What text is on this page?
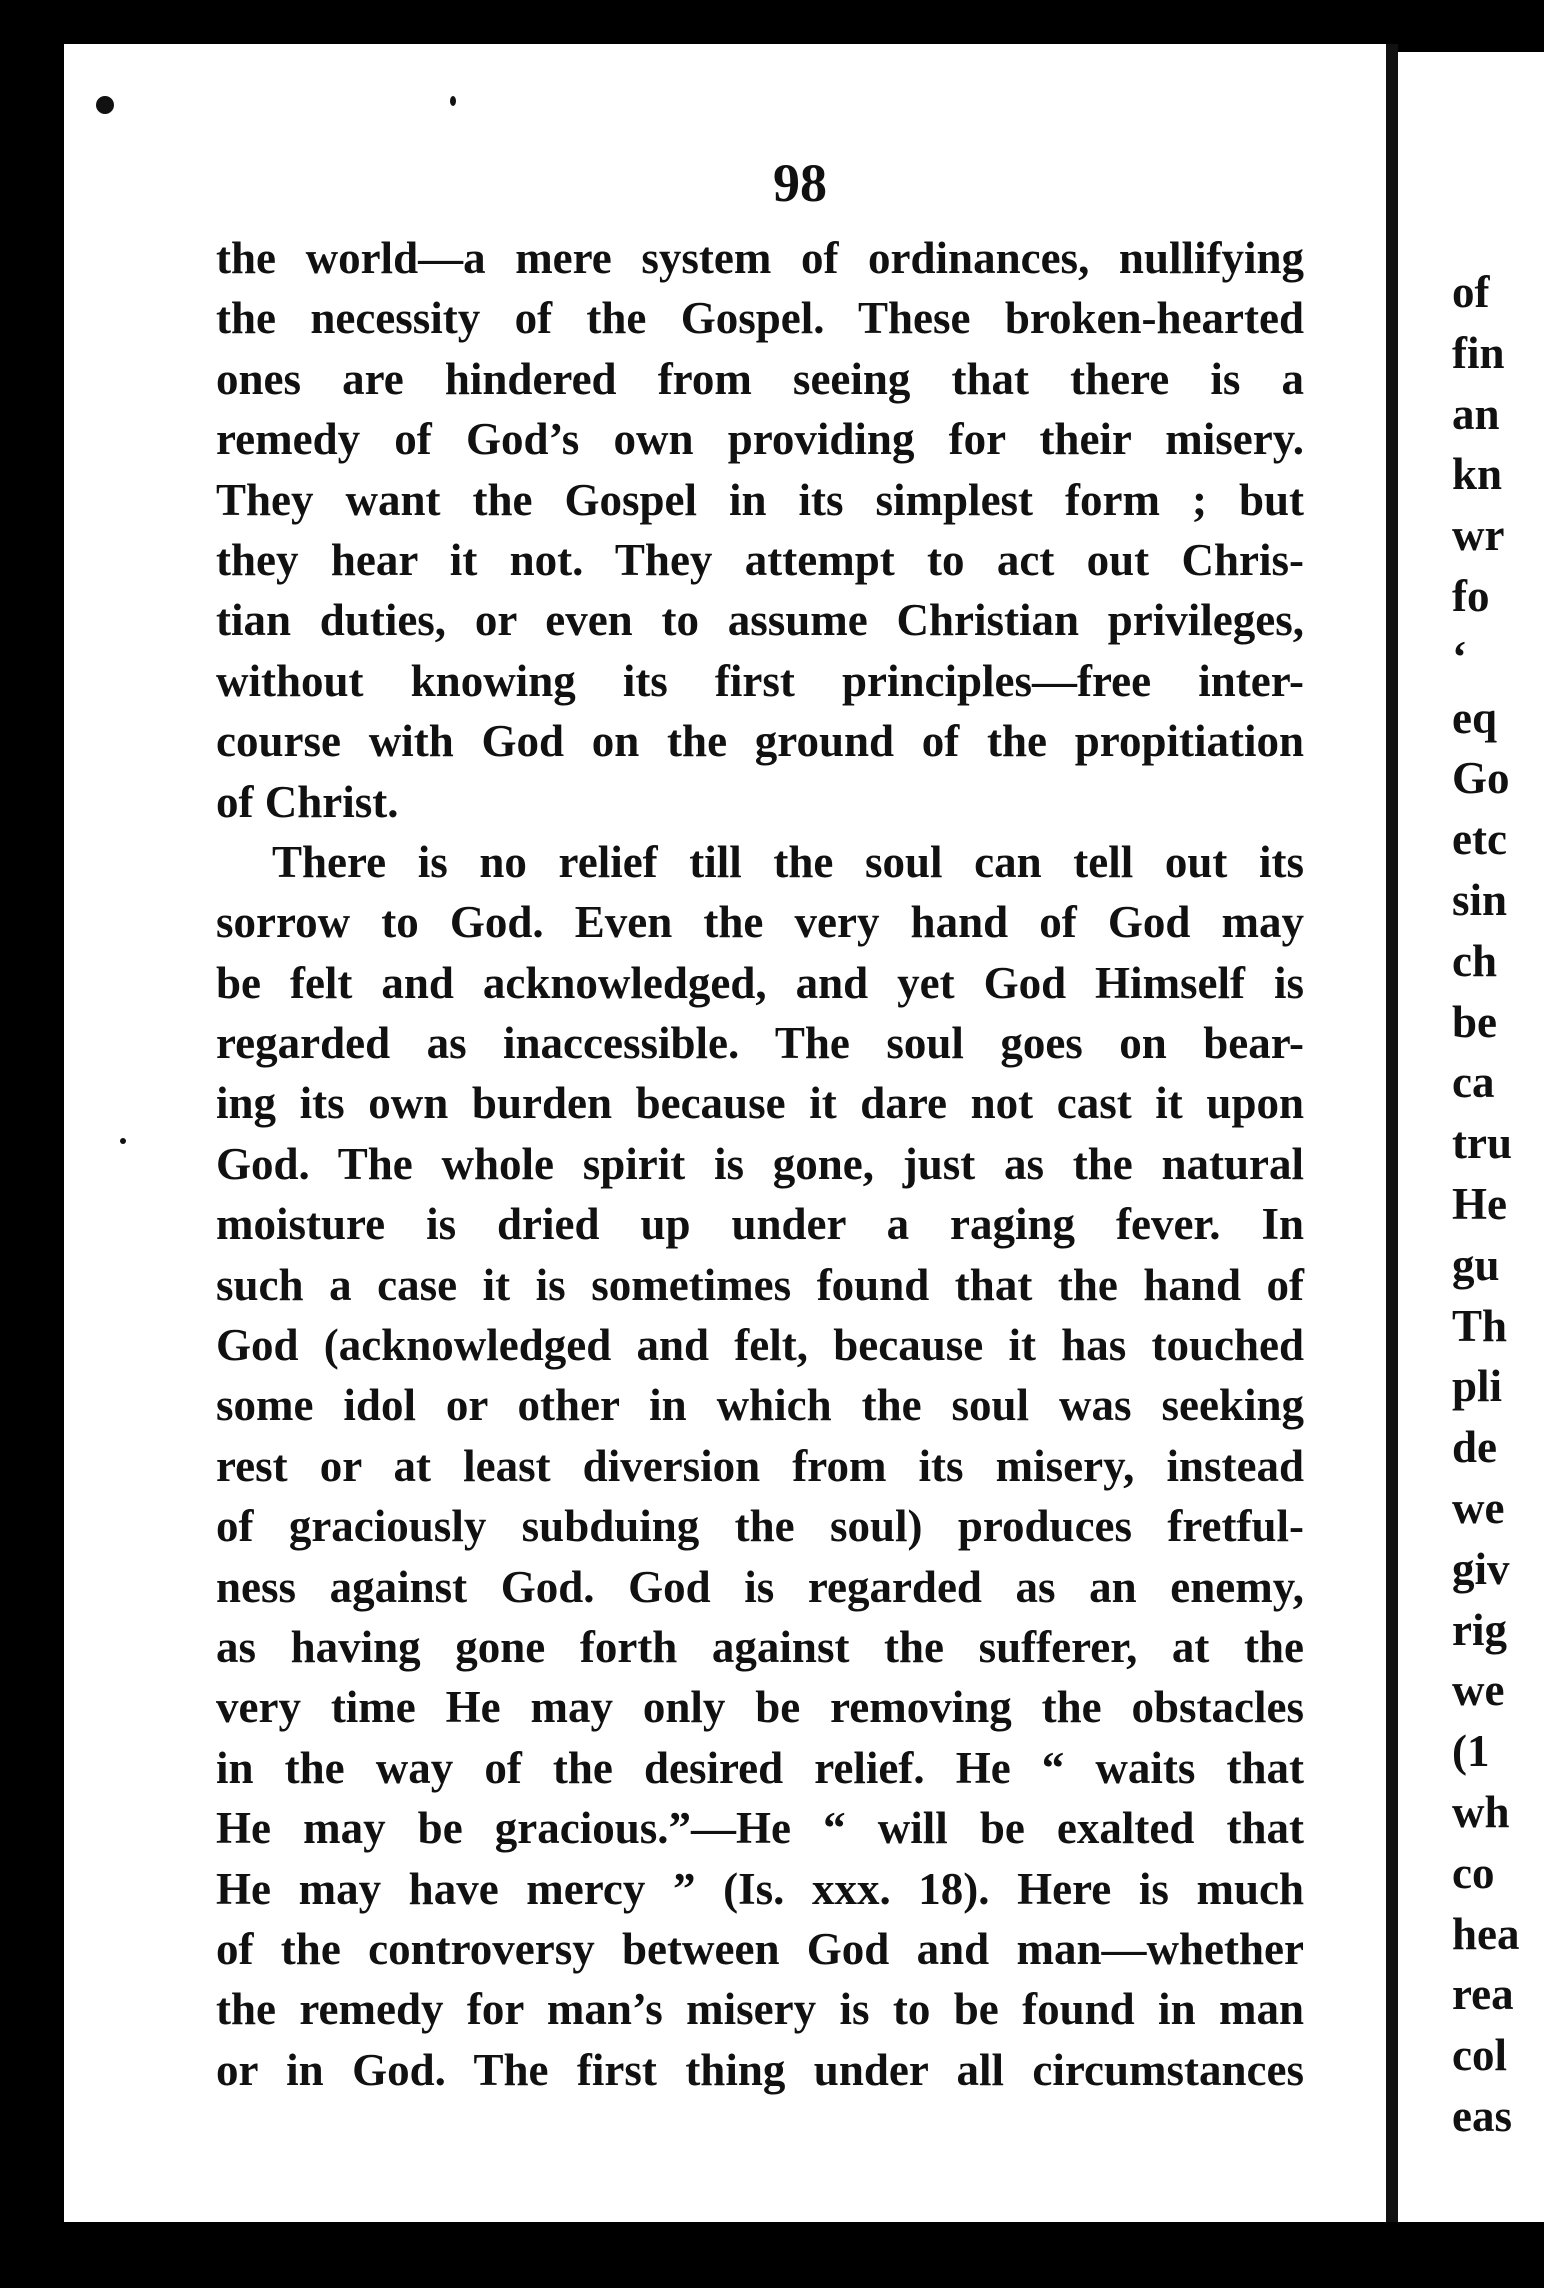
98

the world—a mere system of ordinances, nullifying
the necessity of the Gospel. These broken-hearted
ones are hindered from seeing that there is a
remedy of God’s own providing for their misery.
They want the Gospel in its simplest form ; but
they hear it not. They attempt to act out Chris-
tian duties, or even to assume Christian privileges,
without knowing its first principles—free inter-
course with God on the ground of the propitiation
of Christ.
There is no relief till the soul can tell out its
sorrow to God. Even the very hand of God may
be felt and acknowledged, and yet God Himself is
regarded as inaccessible. The soul goes on bear-
ing its own burden because it dare not cast it upon
God. The whole spirit is gone, just as the natural
moisture is dried up under a raging fever. In
such a case it is sometimes found that the hand of
God (acknowledged and felt, because it has touched
some idol or other in which the soul was seeking
rest or at least diversion from its misery, instead
of graciously subduing the soul) produces fretful-
ness against God. God is regarded as an enemy,
as having gone forth against the sufferer, at the
very time He may only be removing the obstacles
in the way of the desired relief. He “ waits that
He may be gracious.”—He “ will be exalted that
He may have mercy ” (Is. xxx. 18). Here is much
of the controversy between God and man—whether
the remedy for man’s misery is to be found in man
or in God. The first thing under all circumstances
of
fin
an
kn
wr
fo
‘
eq
Go
etc
sin
ch
be
ca
tru
He
gu
Th
pli
de
we
giv
rig
we
(1
wh
co
hea
rea
col
eas
